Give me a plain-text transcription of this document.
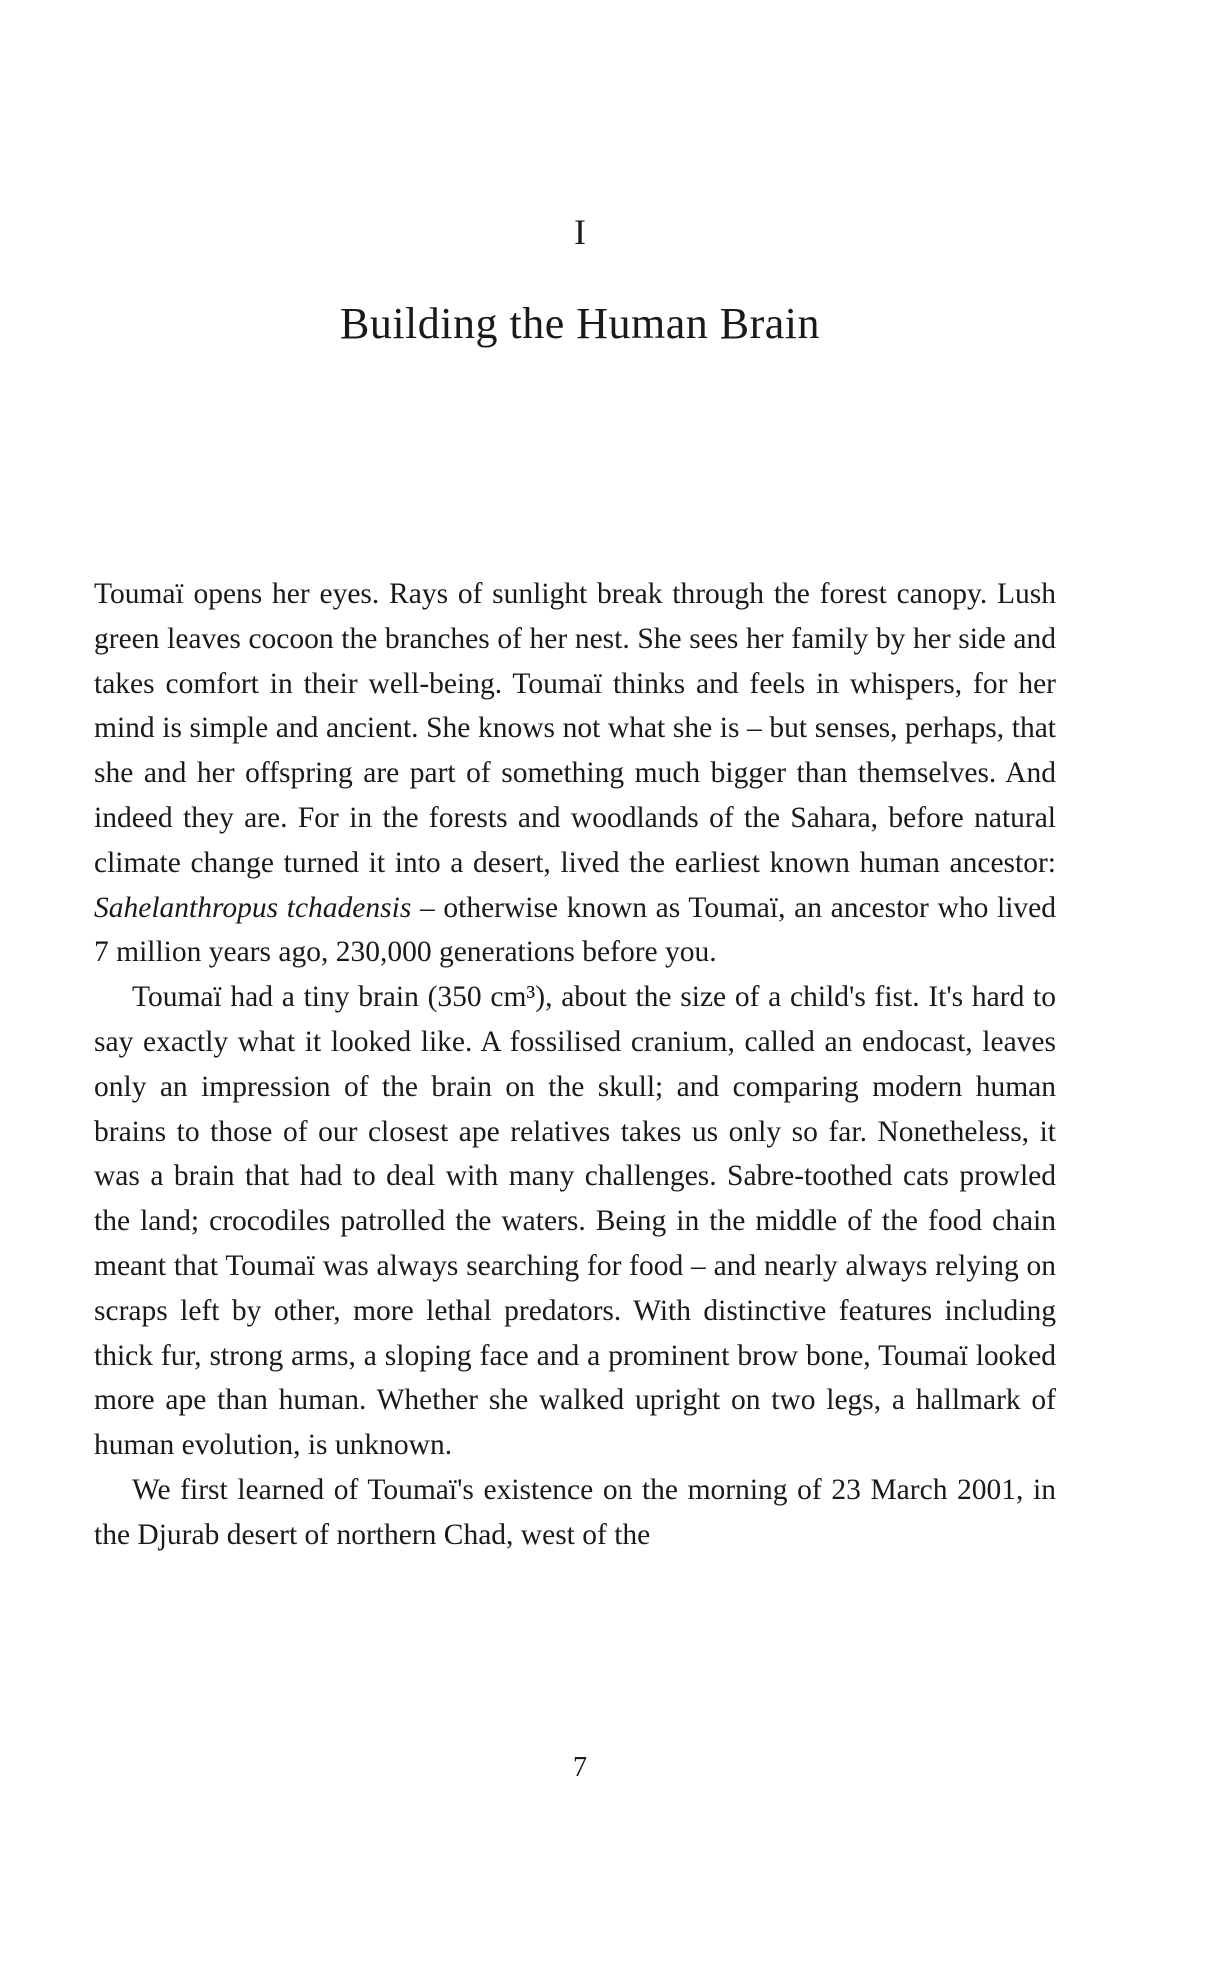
I
Building the Human Brain

Toumaï opens her eyes. Rays of sunlight break through the forest canopy. Lush green leaves cocoon the branches of her nest. She sees her family by her side and takes comfort in their well-being. Toumaï thinks and feels in whispers, for her mind is simple and ancient. She knows not what she is – but senses, perhaps, that she and her offspring are part of something much bigger than themselves. And indeed they are. For in the forests and woodlands of the Sahara, before natural climate change turned it into a desert, lived the earliest known human ancestor: Sahelanthropus tchadensis – otherwise known as Toumaï, an ancestor who lived 7 million years ago, 230,000 generations before you.

Toumaï had a tiny brain (350 cm³), about the size of a child's fist. It's hard to say exactly what it looked like. A fossilised cranium, called an endocast, leaves only an impression of the brain on the skull; and comparing modern human brains to those of our closest ape relatives takes us only so far. Nonetheless, it was a brain that had to deal with many challenges. Sabre-toothed cats prowled the land; crocodiles patrolled the waters. Being in the middle of the food chain meant that Toumaï was always searching for food – and nearly always relying on scraps left by other, more lethal predators. With distinctive features including thick fur, strong arms, a sloping face and a prominent brow bone, Toumaï looked more ape than human. Whether she walked upright on two legs, a hallmark of human evolution, is unknown.

We first learned of Toumaï's existence on the morning of 23 March 2001, in the Djurab desert of northern Chad, west of the

7
